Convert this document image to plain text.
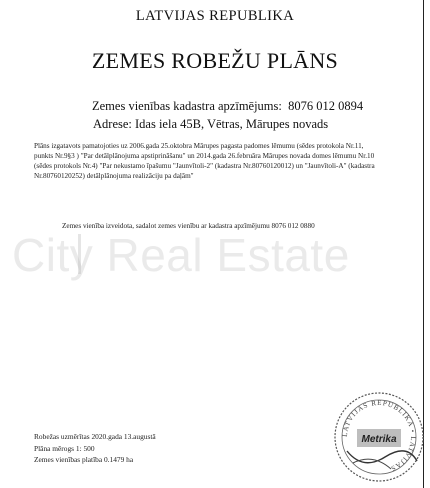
LATVIJAS REPUBLIKA
ZEMES ROBEŽU PLĀNS
Zemes vienības kadastra apzīmējums: 8076 012 0894
Adrese: Idas iela 45B, Vētras, Mārupes novads
Plāns izgatavots pamatojoties uz 2006.gada 25.oktobra Mārupes pagasta padomes lēmumu (sēdes protokola Nr.11, punkts Nr.9§3 ) "Par detālplānojuma apstiprināšanu" un 2014.gada 26.februāra Mārupes novada domes lēmumu Nr.10 (sēdes protokols Nr.4) "Par nekustamo īpašumu "Jaunvītoli-2" (kadastra Nr.80760120012) un "Jaunvītoli-A" (kadastra Nr.80760120252) detālplānojuma realizāciju pa daļām"
City Real Estate
Zemes vienība izveidota, sadalot zemes vienību ar kadastra apzīmējumu 8076 012 0880
Robežas uzmērītas 2020.gada 13.augustā
Plāna mērogs 1: 500
Zemes vienības platība 0.1479 ha
LATVIJAS REPUBLIKA • LATVIJAS
Metrika
